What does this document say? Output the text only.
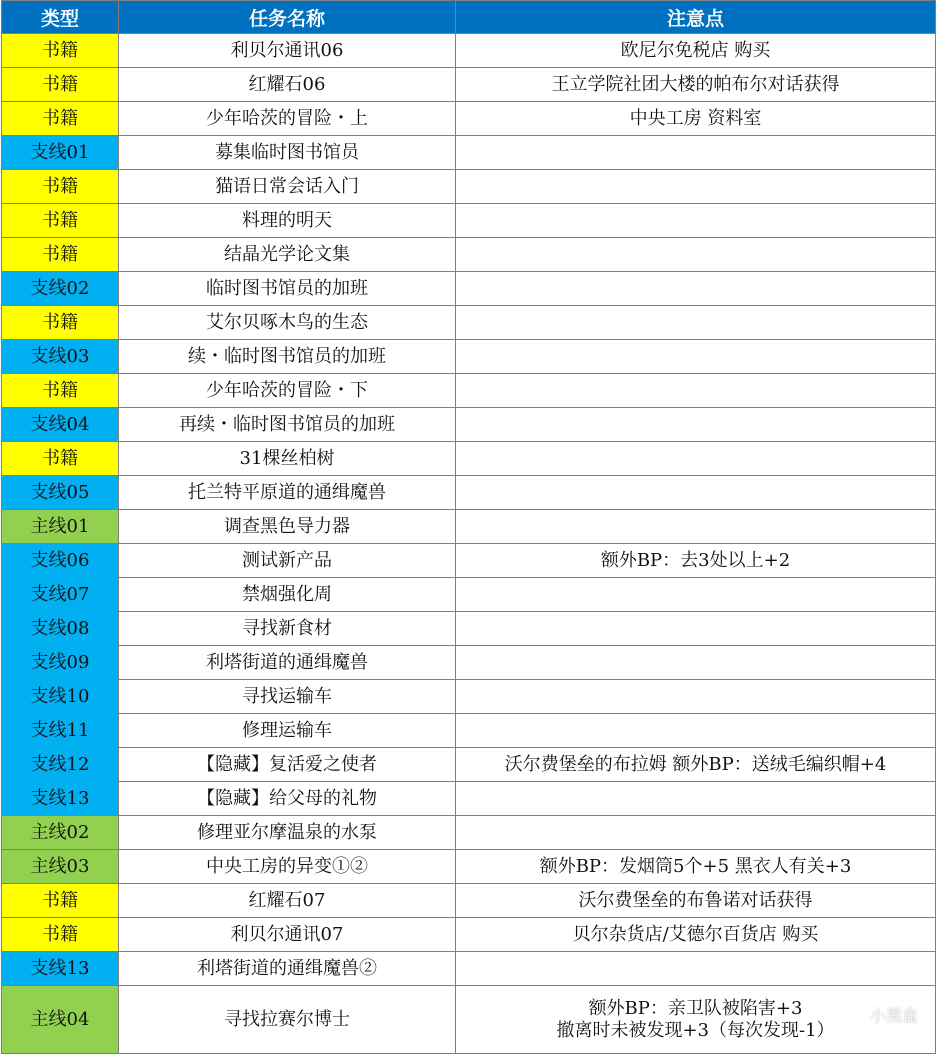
类型	任务名称	注意点
书籍	利贝尔通讯06	欧尼尔免税店 购买

书籍	红耀石06	王立学院社团大楼的帕布尔对话获得

书籍	少年哈茨的冒险・上	中央工房 资料室

支线01	募集临时图书馆员	
书籍	猫语日常会话入门	
书籍	料理的明天	
书籍	结晶光学论文集	
支线02	临时图书馆员的加班	
书籍	艾尔贝啄木鸟的生态	
支线03	续・临时图书馆员的加班	
书籍	少年哈茨的冒险・下	
支线04	再续・临时图书馆员的加班	
书籍	31棵丝柏树	
支线05	托兰特平原道的通缉魔兽	
主线01	调查黑色导力器	
支线06	测试新产品	额外BP：去3处以上+2

支线07	禁烟强化周	
支线08	寻找新食材	
支线09	利塔街道的通缉魔兽	
支线10	寻找运输车	
支线11	修理运输车	
支线12	【隐藏】复活爱之使者	沃尔费堡垒的布拉姆 额外BP：送绒毛编织帽+4

支线13	【隐藏】给父母的礼物	
主线02	修理亚尔摩温泉的水泵	
主线03	中央工房的异变①②	额外BP：发烟筒5个+5 黑衣人有关+3

书籍	红耀石07	沃尔费堡垒的布鲁诺对话获得

书籍	利贝尔通讯07	贝尔杂货店/艾德尔百货店 购买

支线13	利塔街道的通缉魔兽②	
主线04	寻找拉赛尔博士	额外BP：亲卫队被陷害+3
撤离时未被发现+3（每次发现-1）
小黑盒
